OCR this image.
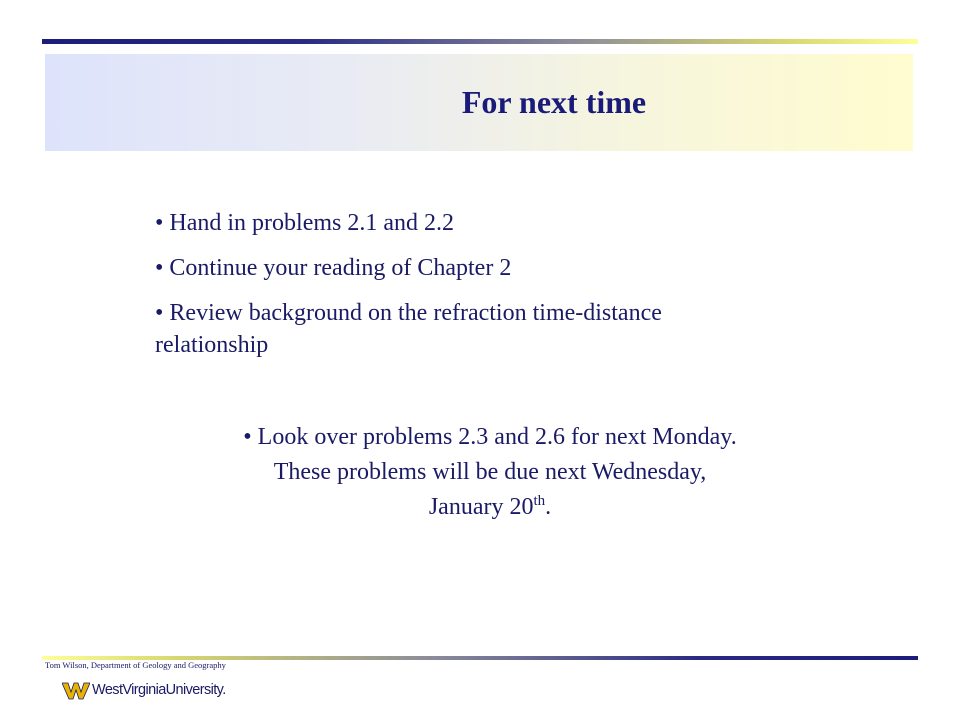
For next time
• Hand in problems 2.1 and 2.2
• Continue your reading of Chapter 2
• Review background on the refraction time-distance relationship
• Look over problems 2.3 and 2.6 for next Monday.
These problems will be due next Wednesday,
January 20th.
Tom Wilson, Department of Geology and Geography
WestVirginiaUniversity.
